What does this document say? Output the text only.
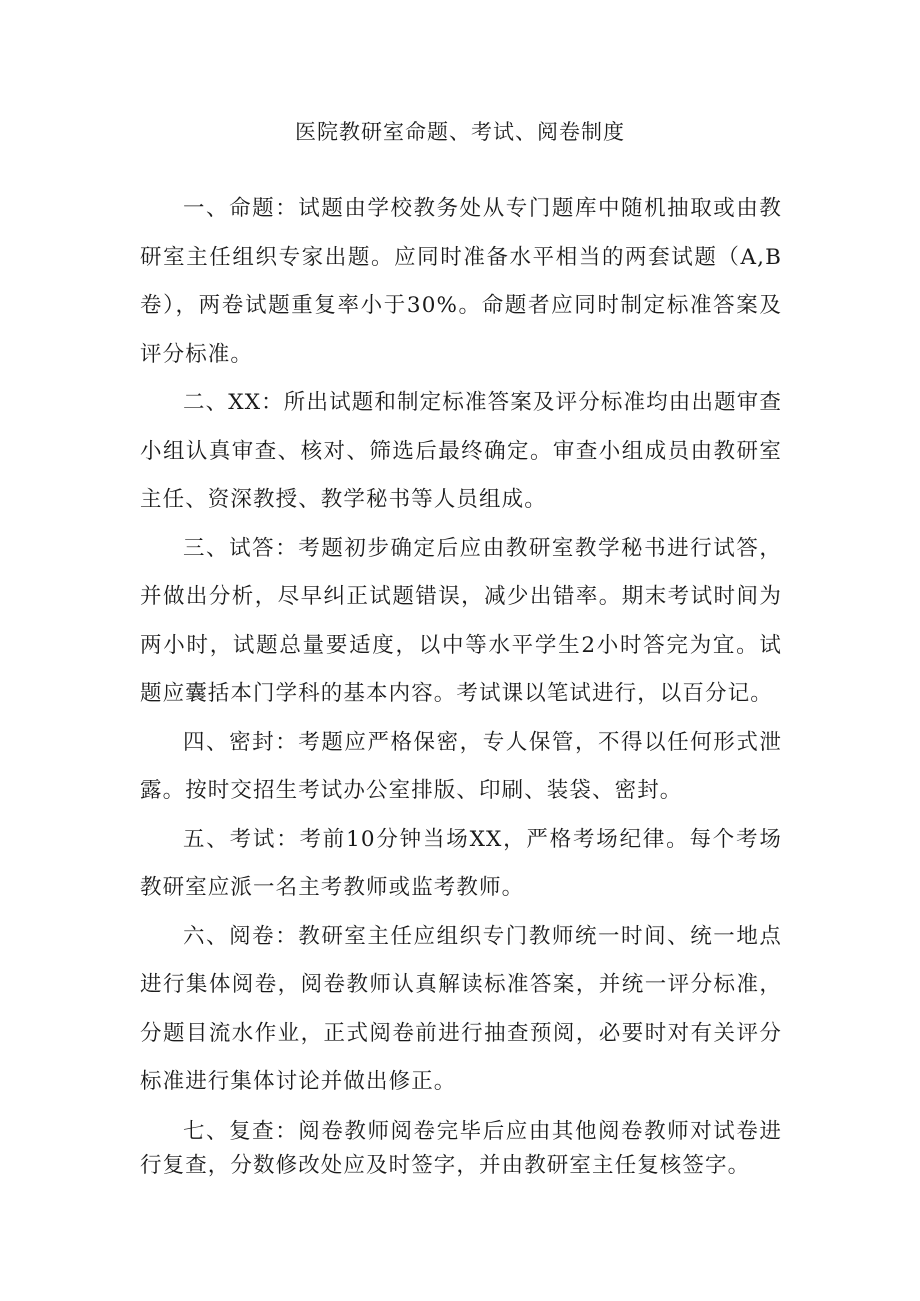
医院教研室命题、考试、阅卷制度

一、命题：试题由学校教务处从专门题库中随机抽取或由教研室主任组织专家出题。应同时准备水平相当的两套试题（A,B卷），两卷试题重复率小于30%。命题者应同时制定标准答案及评分标准。

二、XX：所出试题和制定标准答案及评分标准均由出题审查小组认真审查、核对、筛选后最终确定。审查小组成员由教研室主任、资深教授、教学秘书等人员组成。

三、试答：考题初步确定后应由教研室教学秘书进行试答，并做出分析，尽早纠正试题错误，减少出错率。期末考试时间为两小时，试题总量要适度，以中等水平学生2小时答完为宜。试题应囊括本门学科的基本内容。考试课以笔试进行，以百分记。

四、密封：考题应严格保密，专人保管，不得以任何形式泄露。按时交招生考试办公室排版、印刷、装袋、密封。

五、考试：考前10分钟当场XX，严格考场纪律。每个考场教研室应派一名主考教师或监考教师。

六、阅卷：教研室主任应组织专门教师统一时间、统一地点进行集体阅卷，阅卷教师认真解读标准答案，并统一评分标准，分题目流水作业，正式阅卷前进行抽查预阅，必要时对有关评分标准进行集体讨论并做出修正。

七、复查：阅卷教师阅卷完毕后应由其他阅卷教师对试卷进行复查，分数修改处应及时签字，并由教研室主任复核签字。
